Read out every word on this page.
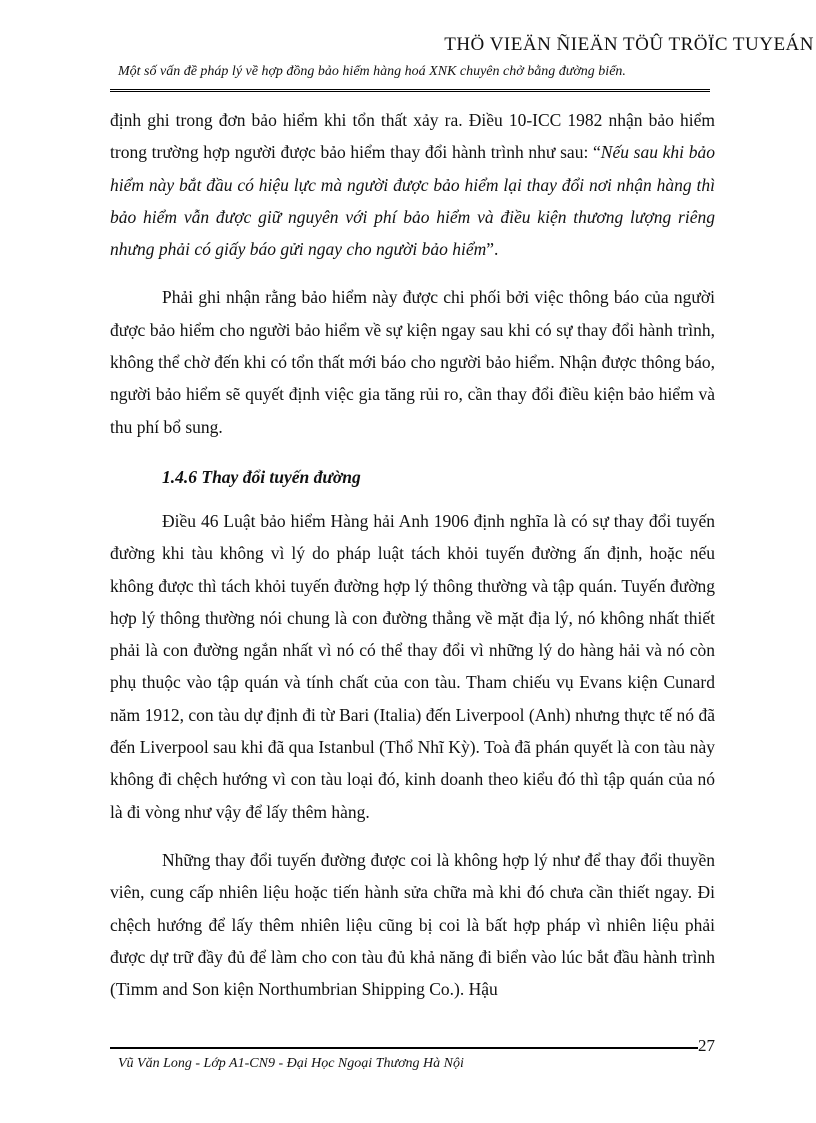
THÖ VIEÄN ÑIEÄN TÖÛ TRÖÏC TUYEÁN
Một số vấn đề pháp lý về hợp đồng bảo hiểm hàng hoá XNK chuyên chở bằng đường biển.

định ghi trong đơn bảo hiểm khi tổn thất xảy ra. Điều 10-ICC 1982 nhận bảo hiểm trong trường hợp người được bảo hiểm thay đổi hành trình như sau: “Nếu sau khi bảo hiểm này bắt đầu có hiệu lực mà người được bảo hiểm lại thay đổi nơi nhận hàng thì bảo hiểm vẫn được giữ nguyên với phí bảo hiểm và điều kiện thương lượng riêng nhưng phải có giấy báo gửi ngay cho người bảo hiểm”.

Phải ghi nhận rằng bảo hiểm này được chi phối bởi việc thông báo của người được bảo hiểm cho người bảo hiểm về sự kiện ngay sau khi có sự thay đổi hành trình, không thể chờ đến khi có tổn thất mới báo cho người bảo hiểm. Nhận được thông báo, người bảo hiểm sẽ quyết định việc gia tăng rủi ro, cần thay đổi điều kiện bảo hiểm và thu phí bổ sung.

1.4.6 Thay đổi tuyến đường

Điều 46 Luật bảo hiểm Hàng hải Anh 1906 định nghĩa là có sự thay đổi tuyến đường khi tàu không vì lý do pháp luật tách khỏi tuyến đường ấn định, hoặc nếu không được thì tách khỏi tuyến đường hợp lý thông thường và tập quán. Tuyến đường hợp lý thông thường nói chung là con đường thẳng về mặt địa lý, nó không nhất thiết phải là con đường ngắn nhất vì nó có thể thay đổi vì những lý do hàng hải và nó còn phụ thuộc vào tập quán và tính chất của con tàu. Tham chiếu vụ Evans kiện Cunard năm 1912, con tàu dự định đi từ Bari (Italia) đến Liverpool (Anh) nhưng thực tế nó đã đến Liverpool sau khi đã qua Istanbul (Thổ Nhĩ Kỳ). Toà đã phán quyết là con tàu này không đi chệch hướng vì con tàu loại đó, kinh doanh theo kiểu đó thì tập quán của nó là đi vòng như vậy để lấy thêm hàng.

Những thay đổi tuyến đường được coi là không hợp lý như để thay đổi thuyền viên, cung cấp nhiên liệu hoặc tiến hành sửa chữa mà khi đó chưa cần thiết ngay. Đi chệch hướng để lấy thêm nhiên liệu cũng bị coi là bất hợp pháp vì nhiên liệu phải được dự trữ đầy đủ để làm cho con tàu đủ khả năng đi biển vào lúc bắt đầu hành trình (Timm and Son kiện Northumbrian Shipping Co.). Hậu

27
Vũ Văn Long - Lớp A1-CN9 - Đại Học Ngoại Thương Hà Nội
